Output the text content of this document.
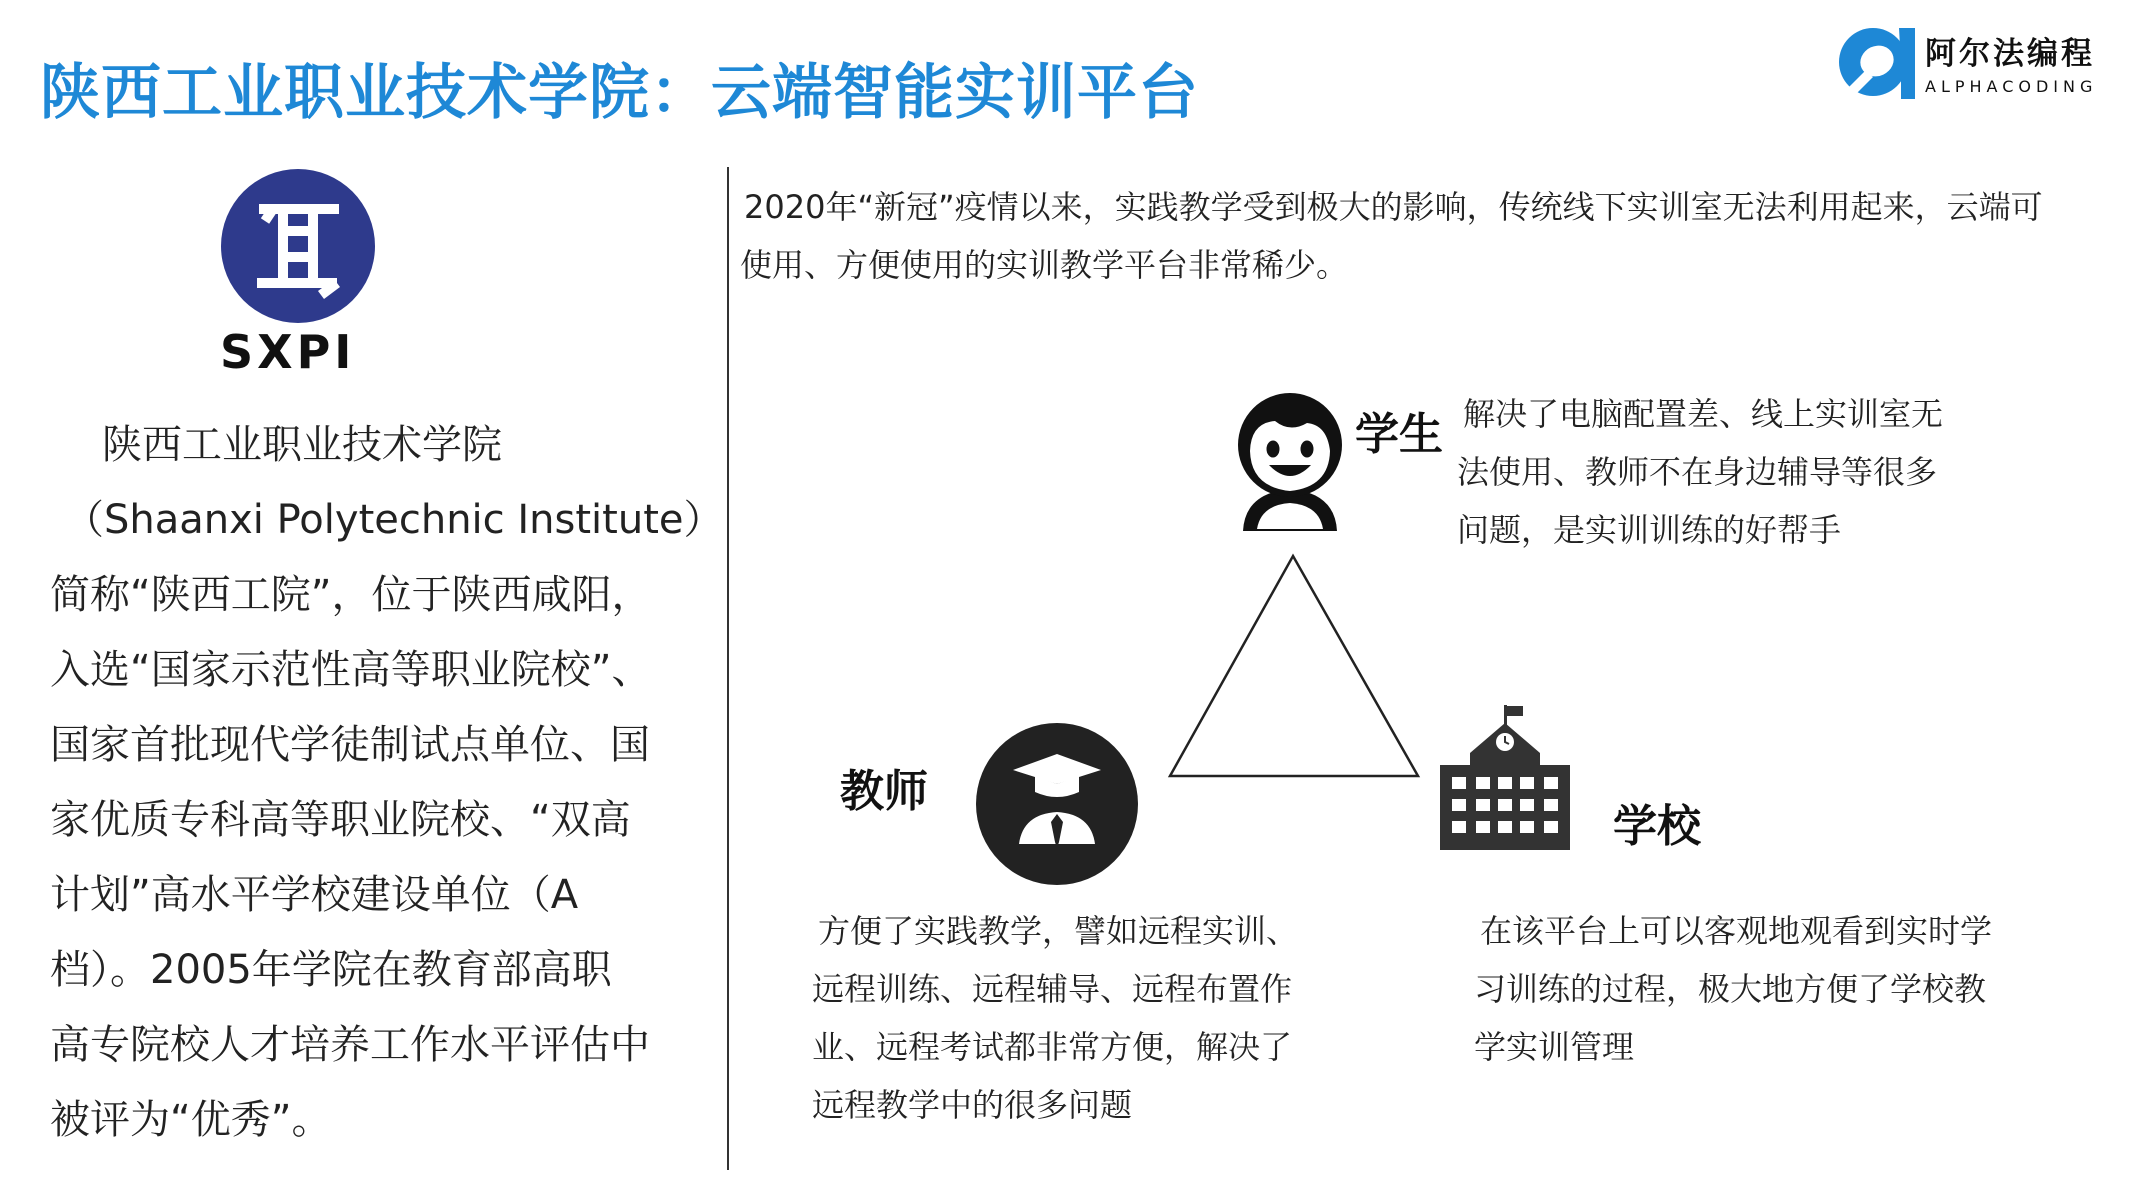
陕西工业职业技术学院：云端智能实训平台
阿尔法编程
ALPHACODING
SXPI
陕西工业职业技术学院
（Shaanxi Polytechnic Institute）
简称“陕西工院”，位于陕西咸阳，
入选“国家示范性高等职业院校”、
国家首批现代学徒制试点单位、国
家优质专科高等职业院校、“双高
计划”高水平学校建设单位（A
档）。2005年学院在教育部高职
高专院校人才培养工作水平评估中
被评为“优秀”。
2020年“新冠”疫情以来，实践教学受到极大的影响，传统线下实训室无法利用起来，云端可
使用、方便使用的实训教学平台非常稀少。
学生 解决了电脑配置差、线上实训室无
法使用、教师不在身边辅导等很多
问题，是实训训练的好帮手
教师
方便了实践教学，譬如远程实训、
远程训练、远程辅导、远程布置作
业、远程考试都非常方便，解决了
远程教学中的很多问题
学校
在该平台上可以客观地观看到实时学
习训练的过程，极大地方便了学校教
学实训管理
